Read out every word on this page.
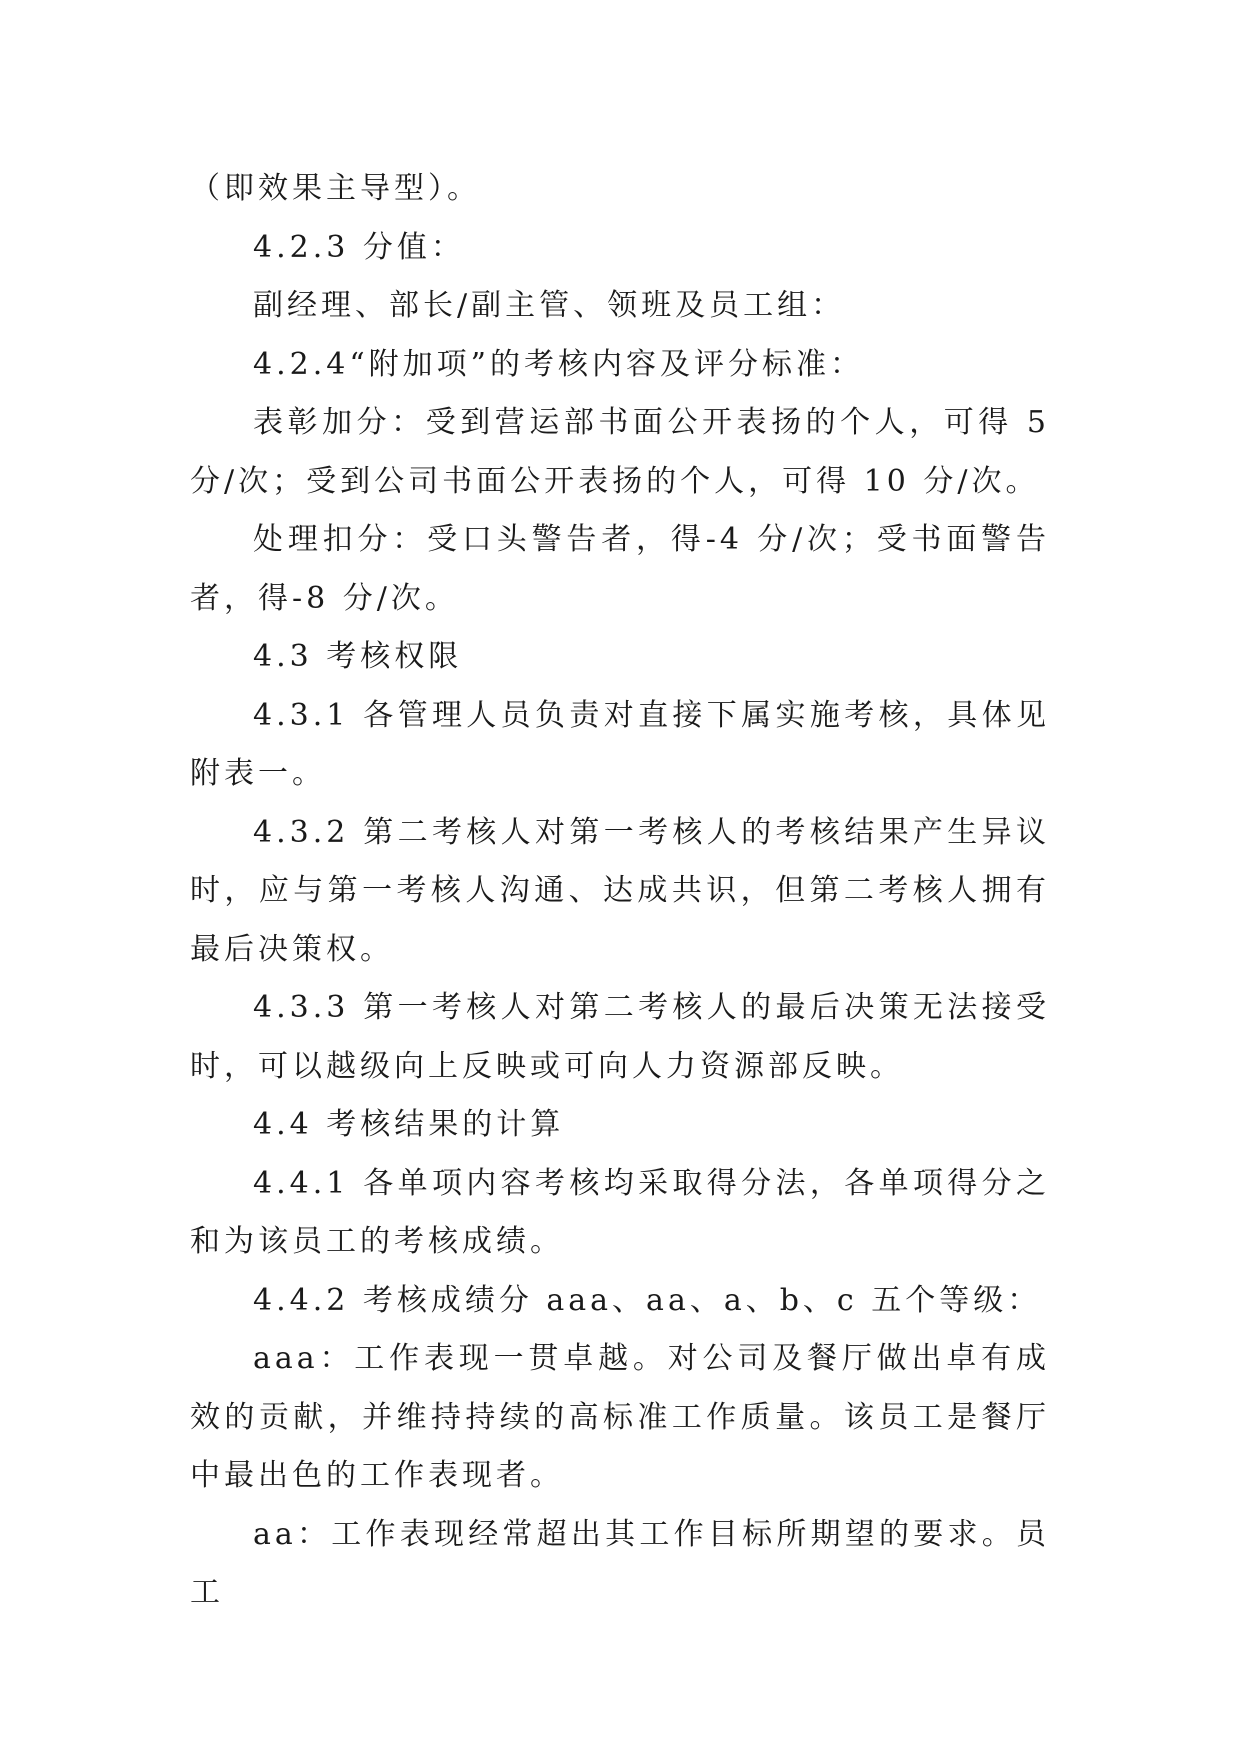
（即效果主导型）。

4.2.3 分值：

副经理、部长/副主管、领班及员工组：

4.2.4“附加项”的考核内容及评分标准：

表彰加分：受到营运部书面公开表扬的个人，可得 5 分/次；受到公司书面公开表扬的个人，可得 10 分/次。

处理扣分：受口头警告者，得-4 分/次；受书面警告者，得-8 分/次。

4.3 考核权限

4.3.1 各管理人员负责对直接下属实施考核，具体见附表一。

4.3.2 第二考核人对第一考核人的考核结果产生异议时，应与第一考核人沟通、达成共识，但第二考核人拥有最后决策权。

4.3.3 第一考核人对第二考核人的最后决策无法接受时，可以越级向上反映或可向人力资源部反映。

4.4 考核结果的计算

4.4.1 各单项内容考核均采取得分法，各单项得分之和为该员工的考核成绩。

4.4.2 考核成绩分 aaa、aa、a、b、c 五个等级：

aaa：工作表现一贯卓越。对公司及餐厅做出卓有成效的贡献，并维持持续的高标准工作质量。该员工是餐厅中最出色的工作表现者。

aa：工作表现经常超出其工作目标所期望的要求。员工
